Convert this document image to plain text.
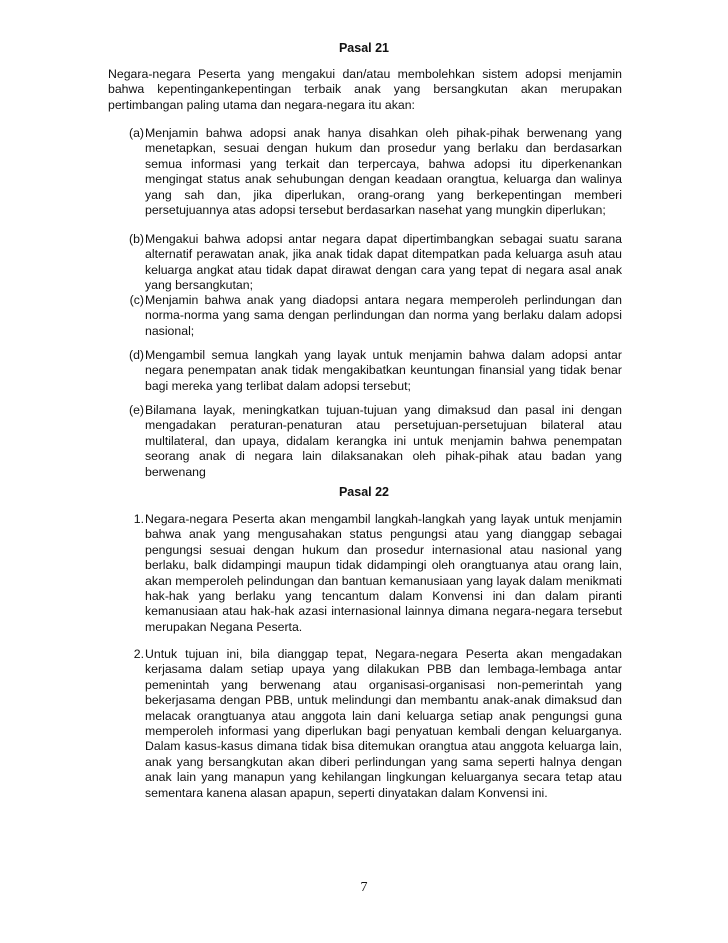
Pasal 21
Negara-negara Peserta yang mengakui dan/atau membolehkan sistem adopsi menjamin bahwa kepentingankepentingan terbaik anak yang bersangkutan akan merupakan pertimbangan paling utama dan negara-negara itu akan:
(a) Menjamin bahwa adopsi anak hanya disahkan oleh pihak-pihak berwenang yang menetapkan, sesuai dengan hukum dan prosedur yang berlaku dan berdasarkan semua informasi yang terkait dan terpercaya, bahwa adopsi itu diperkenankan mengingat status anak sehubungan dengan keadaan orangtua, keluarga dan walinya yang sah dan, jika diperlukan, orang-orang yang berkepentingan memberi persetujuannya atas adopsi tersebut berdasarkan nasehat yang mungkin diperlukan;
(b) Mengakui bahwa adopsi antar negara dapat dipertimbangkan sebagai suatu sarana alternatif perawatan anak, jika anak tidak dapat ditempatkan pada keluarga asuh atau keluarga angkat atau tidak dapat dirawat dengan cara yang tepat di negara asal anak yang bersangkutan;
(c) Menjamin bahwa anak yang diadopsi antara negara memperoleh perlindungan dan norma-norma yang sama dengan perlindungan dan norma yang berlaku dalam adopsi nasional;
(d) Mengambil semua langkah yang layak untuk menjamin bahwa dalam adopsi antar negara penempatan anak tidak mengakibatkan keuntungan finansial yang tidak benar bagi mereka yang terlibat dalam adopsi tersebut;
(e) Bilamana layak, meningkatkan tujuan-tujuan yang dimaksud dan pasal ini dengan mengadakan peraturan-penaturan atau persetujuan-persetujuan bilateral atau multilateral, dan upaya, didalam kerangka ini untuk menjamin bahwa penempatan seorang anak di negara lain dilaksanakan oleh pihak-pihak atau badan yang berwenang
Pasal 22
1. Negara-negara Peserta akan mengambil langkah-langkah yang layak untuk menjamin bahwa anak yang mengusahakan status pengungsi atau yang dianggap sebagai pengungsi sesuai dengan hukum dan prosedur internasional atau nasional yang berlaku, balk didampingi maupun tidak didampingi oleh orangtuanya atau orang lain, akan memperoleh pelindungan dan bantuan kemanusiaan yang layak dalam menikmati hak-hak yang berlaku yang tencantum dalam Konvensi ini dan dalam piranti kemanusiaan atau hak-hak azasi internasional lainnya dimana negara-negara tersebut merupakan Negana Peserta.
2. Untuk tujuan ini, bila dianggap tepat, Negara-negara Peserta akan mengadakan kerjasama dalam setiap upaya yang dilakukan PBB dan lembaga-lembaga antar pemenintah yang berwenang atau organisasi-organisasi non-pemerintah yang bekerjasama dengan PBB, untuk melindungi dan membantu anak-anak dimaksud dan melacak orangtuanya atau anggota lain dani keluarga setiap anak pengungsi guna memperoleh informasi yang diperlukan bagi penyatuan kembali dengan keluarganya. Dalam kasus-kasus dimana tidak bisa ditemukan orangtua atau anggota keluarga lain, anak yang bersangkutan akan diberi perlindungan yang sama seperti halnya dengan anak lain yang manapun yang kehilangan lingkungan keluarganya secara tetap atau sementara kanena alasan apapun, seperti dinyatakan dalam Konvensi ini.
7
